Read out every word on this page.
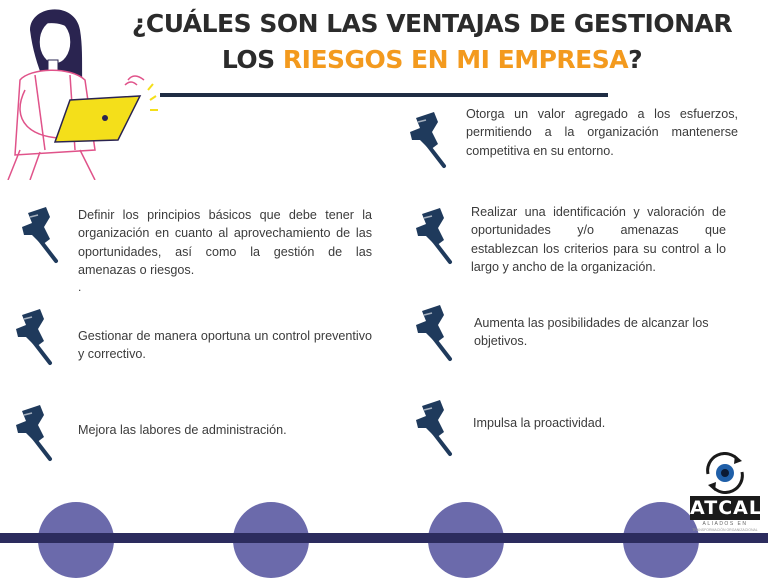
¿CUÁLES SON LAS VENTAJAS DE GESTIONAR
LOS RIESGOS EN MI EMPRESA?
Otorga un valor agregado a los esfuerzos, permitiendo a la organización mantenerse competitiva en su entorno.
Realizar una identificación y valoración de oportunidades y/o amenazas que establezcan los criterios para su control a lo largo y ancho de la organización.
Aumenta las posibilidades de alcanzar los objetivos.
Impulsa la proactividad.
Definir los principios básicos que debe tener la organización en cuanto al aprovechamiento de las oportunidades, así como la gestión de las amenazas o riesgos.
.
Gestionar de manera oportuna un control preventivo y correctivo.
Mejora las labores de administración.
ATCAL
ALIADOS EN
TRANSFORMACIÓN ORGANIZACIONAL
